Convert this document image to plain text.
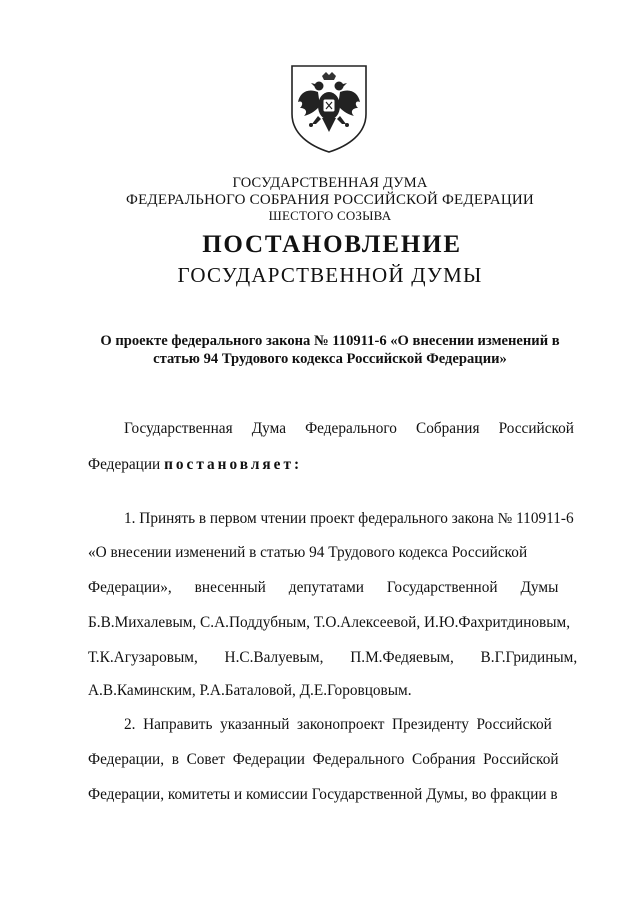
ГОСУДАРСТВЕННАЯ ДУМА
ФЕДЕРАЛЬНОГО СОБРАНИЯ РОССИЙСКОЙ ФЕДЕРАЦИИ
ШЕСТОГО СОЗЫВА
ПОСТАНОВЛЕНИЕ
ГОСУДАРСТВЕННОЙ ДУМЫ
О проекте федерального закона № 110911-6 «О внесении изменений в
статью 94 Трудового кодекса Российской Федерации»
Государственная Дума Федерального Собрания Российской
Федерации постановляет:
1. Принять в первом чтении проект федерального закона № 110911-6
«О внесении изменений в статью 94 Трудового кодекса Российской
Федерации»,      внесенный      депутатами      Государственной      Думы
Б.В.Михалевым, С.А.Поддубным, Т.О.Алексеевой, И.Ю.Фахритдиновым,
Т.К.Агузаровым,       Н.С.Валуевым,       П.М.Федяевым,       В.Г.Гридиным,
А.В.Каминским, Р.А.Баталовой, Д.Е.Горовцовым.
2.  Направить  указанный  законопроект  Президенту  Российской
Федерации,  в  Совет  Федерации  Федерального  Собрания  Российской
Федерации, комитеты и комиссии Государственной Думы, во фракции в
